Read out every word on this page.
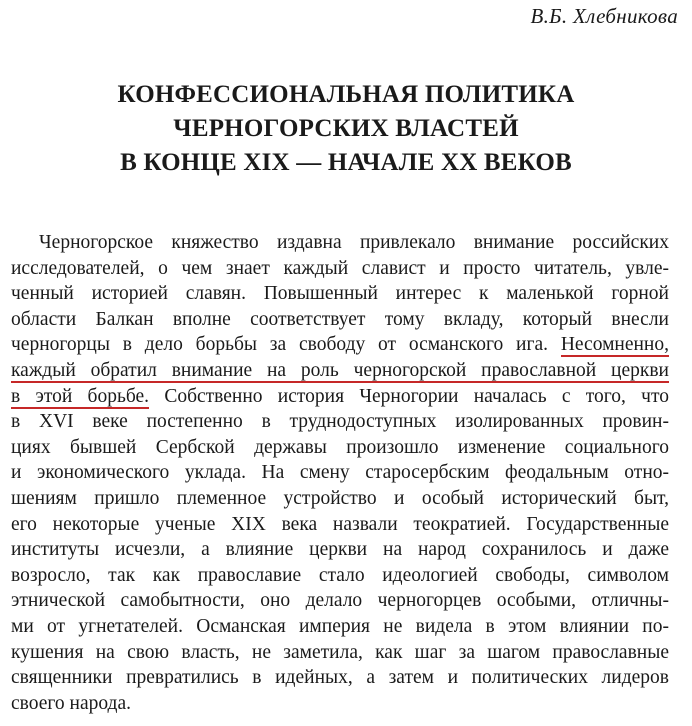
В.Б. Хлебникова
КОНФЕССИОНАЛЬНАЯ ПОЛИТИКА
ЧЕРНОГОРСКИХ ВЛАСТЕЙ
В КОНЦЕ XIX — НАЧАЛЕ XX ВЕКОВ
Черногорское княжество издавна привлекало внимание российских
исследователей, о чем знает каждый славист и просто читатель, увле-
ченный историей славян. Повышенный интерес к маленькой горной
области Балкан вполне соответствует тому вкладу, который внесли
черногорцы в дело борьбы за свободу от османского ига. Несомненно,
каждый обратил внимание на роль черногорской православной церкви
в этой борьбе. Собственно история Черногории началась с того, что
в XVI веке постепенно в труднодоступных изолированных провин-
циях бывшей Сербской державы произошло изменение социального
и экономического уклада. На смену старосербским феодальным отно-
шениям пришло племенное устройство и особый исторический быт,
его некоторые ученые XIX века назвали теократией. Государственные
институты исчезли, а влияние церкви на народ сохранилось и даже
возросло, так как православие стало идеологией свободы, символом
этнической самобытности, оно делало черногорцев особыми, отличны-
ми от угнетателей. Османская империя не видела в этом влиянии по-
кушения на свою власть, не заметила, как шаг за шагом православные
священники превратились в идейных, а затем и политических лидеров
своего народа.
